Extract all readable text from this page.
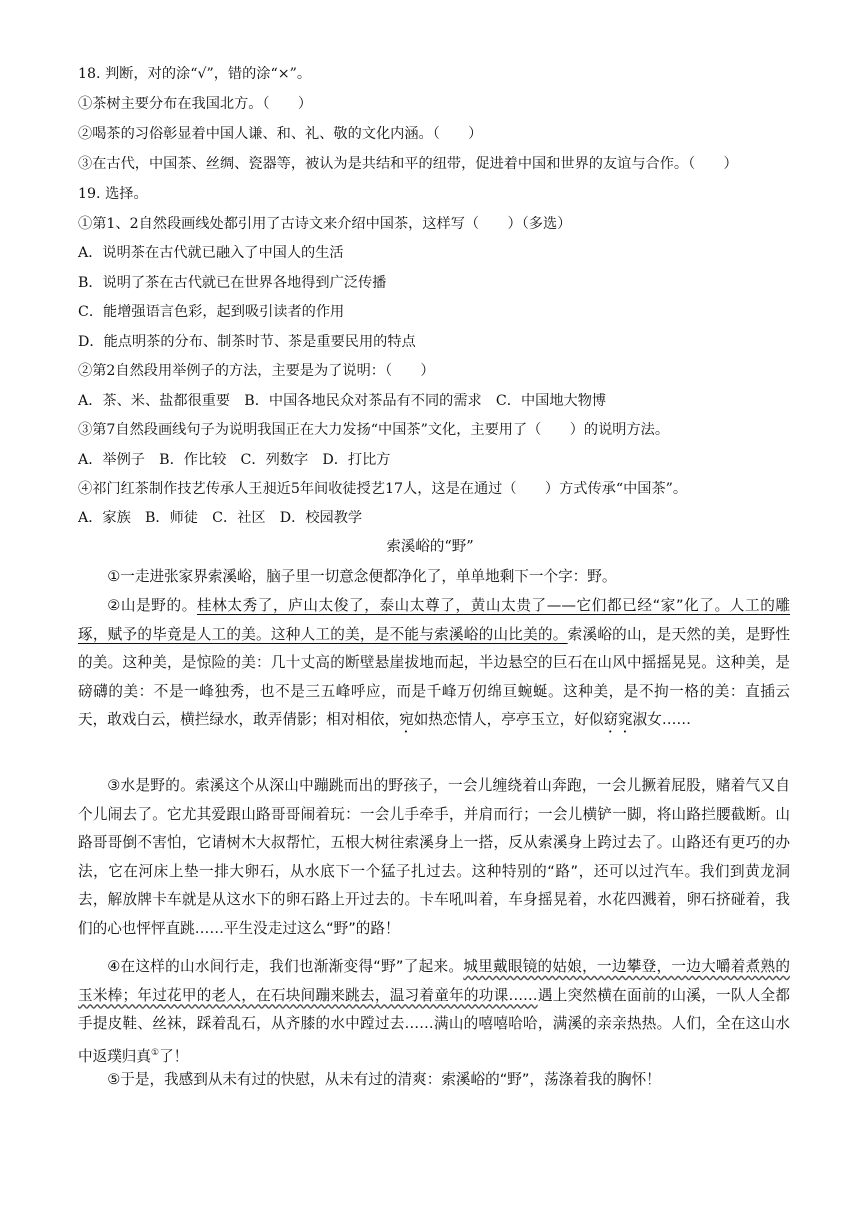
18. 判断，对的涂“√”，错的涂“×”。
①茶树主要分布在我国北方。（　　）
②喝茶的习俗彰显着中国人谦、和、礼、敬的文化内涵。（　　）
③在古代，中国茶、丝绸、瓷器等，被认为是共结和平的纽带，促进着中国和世界的友谊与合作。（　　）
19. 选择。
①第1、2自然段画线处都引用了古诗文来介绍中国茶，这样写（　　）（多选）
A．说明茶在古代就已融入了中国人的生活
B．说明了茶在古代就已在世界各地得到广泛传播
C．能增强语言色彩，起到吸引读者的作用
D．能点明茶的分布、制茶时节、茶是重要民用的特点
②第2自然段用举例子的方法，主要是为了说明：（　　）
A．茶、米、盐都很重要　B．中国各地民众对茶品有不同的需求　C．中国地大物博
③第7自然段画线句子为说明我国正在大力发扬“中国茶”文化，主要用了（　　）的说明方法。
A．举例子　B．作比较　C．列数字　D．打比方
④祁门红茶制作技艺传承人王昶近5年间收徒授艺17人，这是在通过（　　）方式传承“中国茶”。
A．家族　B．师徒　C．社区　D．校园教学
索溪峪的“野”
①一走进张家界索溪峪，脑子里一切意念便都净化了，单单地剩下一个字：野。
②山是野的。桂林太秀了，庐山太俊了，泰山太尊了，黄山太贵了——它们都已经“家”化了。人工的雕琢，赋予的毕竟是人工的美。这种人工的美，是不能与索溪峪的山比美的。索溪峪的山，是天然的美，是野性的美。这种美，是惊险的美：几十丈高的断壁悬崖拔地而起，半边悬空的巨石在山风中摇摇晃晃。这种美，是磅礴的美：不是一峰独秀，也不是三五峰呼应，而是千峰万仞绵亘蜿蜒。这种美，是不拘一格的美：直插云天，敢戏白云，横拦绿水，敢弄倩影；相对相依，宛如热恋情人，亭亭玉立，好似窈窕淑女……
③水是野的。索溪这个从深山中蹦跳而出的野孩子，一会儿缠绕着山奔跑，一会儿撅着屁股，赌着气又自个儿闹去了。它尤其爱跟山路哥哥闹着玩：一会儿手牵手，并肩而行；一会儿横铲一脚，将山路拦腰截断。山路哥哥倒不害怕，它请树木大叔帮忙，五根大树往索溪身上一搭，反从索溪身上跨过去了。山路还有更巧的办法，它在河床上垫一排大卵石，从水底下一个猛子扎过去。这种特别的“路”，还可以过汽车。我们到黄龙洞去，解放牌卡车就是从这水下的卵石路上开过去的。卡车吼叫着，车身摇晃着，水花四溅着，卵石挤碰着，我们的心也怦怦直跳……平生没走过这么“野”的路！
④在这样的山水间行走，我们也渐渐变得“野”了起来。城里戴眼镜的姑娘，一边攀登，一边大嚼着煮熟的玉米棒；年过花甲的老人，在石块间蹦来跳去，温习着童年的功课……遇上突然横在面前的山溪，一队人全都手提皮鞋、丝袜，踩着乱石，从齐膝的水中蹚过去……满山的嘻嘻哈哈，满溪的亲亲热热。人们，全在这山水中返璞归真①了！
⑤于是，我感到从未有过的快慰，从未有过的清爽：索溪峪的“野”，荡涤着我的胸怀！
